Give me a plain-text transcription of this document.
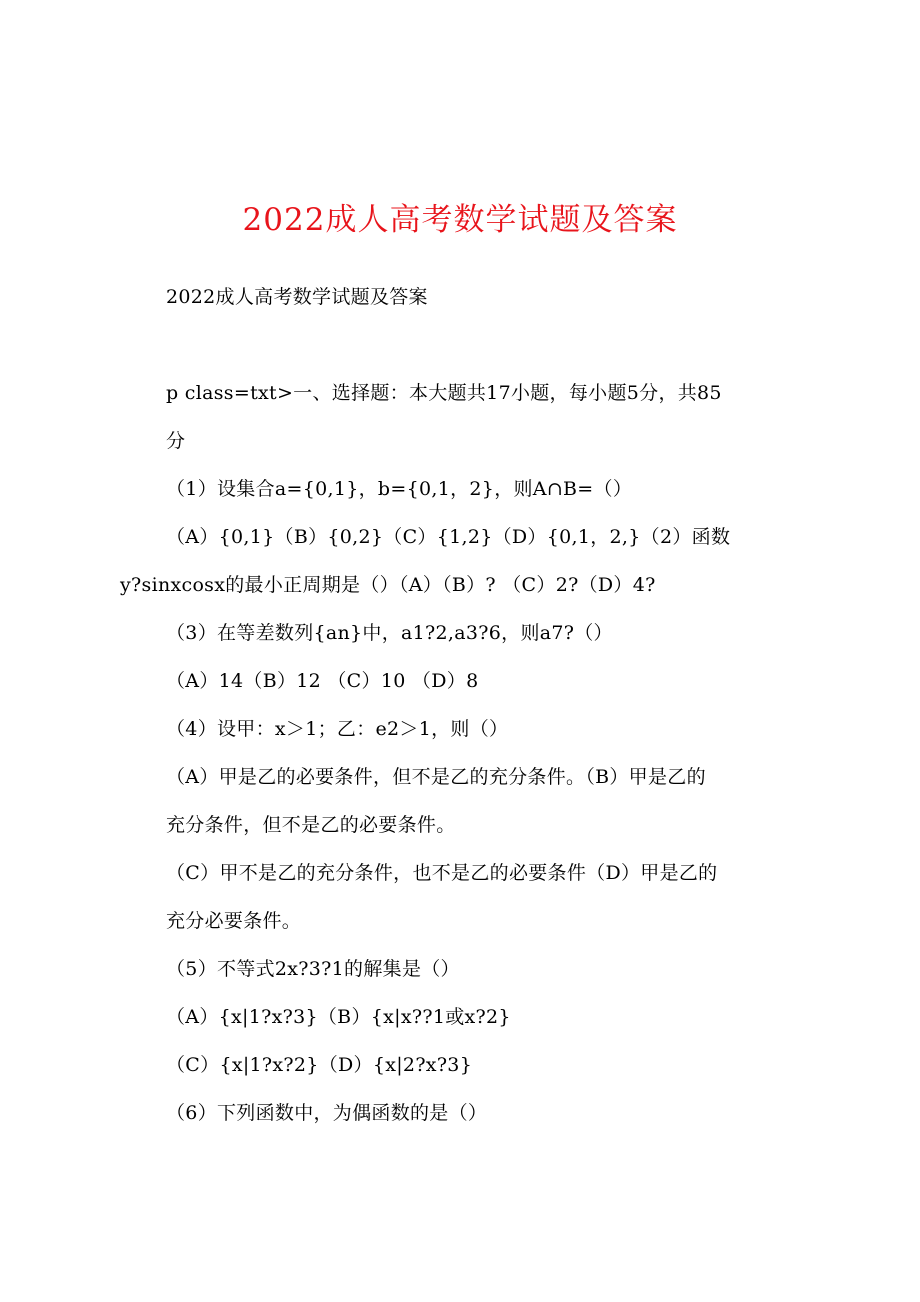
2022成人高考数学试题及答案
2022成人高考数学试题及答案
p class=txt>一、选择题：本大题共17小题，每小题5分，共85
分
（1）设集合a={0,1}，b={0,1，2}，则A∩B=（）
（A）{0,1}（B）{0,2}（C）{1,2}（D）{0,1，2,}（2）函数
y?sinxcosx的最小正周期是（）（A）（B）? （C）2?（D）4?
（3）在等差数列{an}中，a1?2,a3?6，则a7?（）
（A）14（B）12 （C）10 （D）8
（4）设甲：x＞1；乙：e2＞1，则（）
（A）甲是乙的必要条件，但不是乙的充分条件。（B）甲是乙的
充分条件，但不是乙的必要条件。
（C）甲不是乙的充分条件，也不是乙的必要条件（D）甲是乙的
充分必要条件。
（5）不等式2x?3?1的解集是（）
（A）{x|1?x?3}（B）{x|x??1或x?2}
（C）{x|1?x?2}（D）{x|2?x?3}
（6）下列函数中，为偶函数的是（）
